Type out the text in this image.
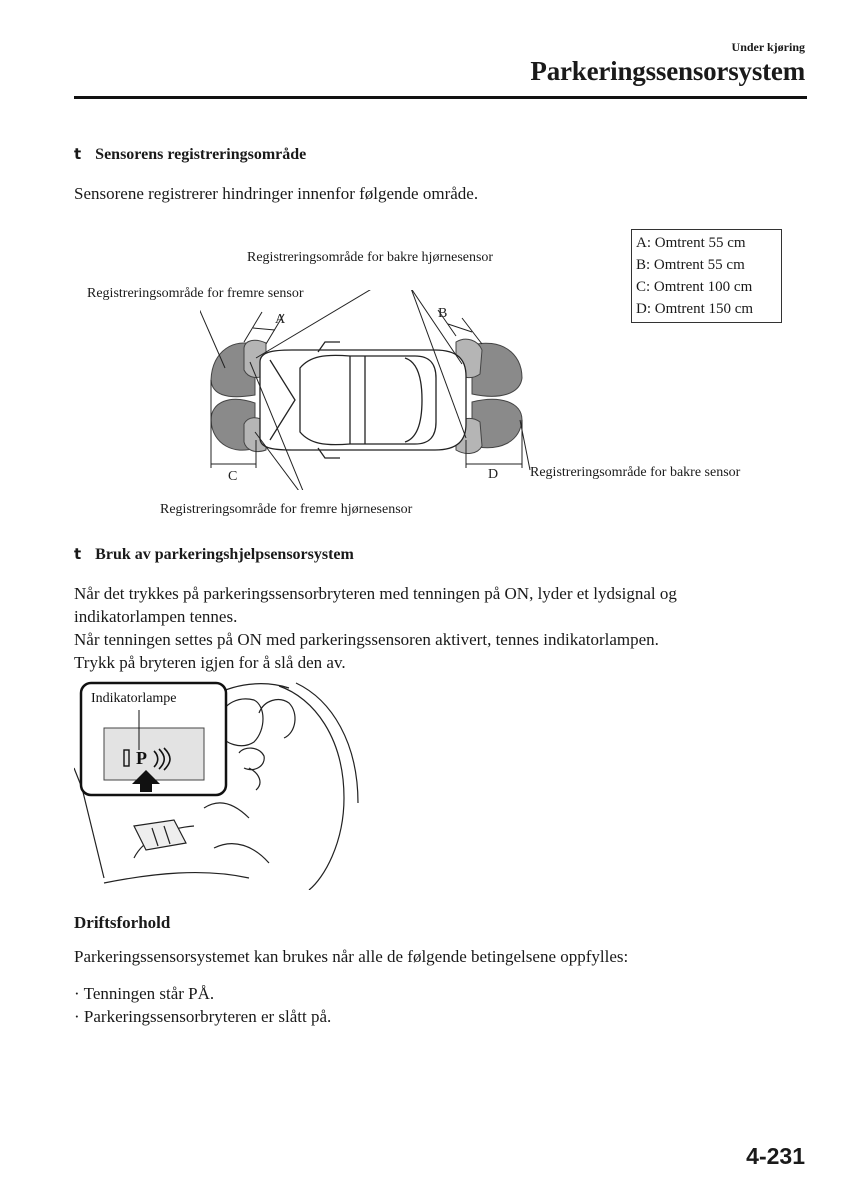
Under kjøring
Parkeringssensorsystem
t Sensorens registreringsområde
Sensorene registrerer hindringer innenfor følgende område.
A: Omtrent 55 cm
B: Omtrent 55 cm
C: Omtrent 100 cm
D: Omtrent 150 cm
Registreringsområde for bakre hjørnesensor
Registreringsområde for fremre sensor
Registreringsområde for bakre sensor
Registreringsområde for fremre hjørnesensor
A	B
C	D
t Bruk av parkeringshjelpsensorsystem
Når det trykkes på parkeringssensorbryteren med tenningen på ON, lyder et lydsignal og
indikatorlampen tennes.
Når tenningen settes på ON med parkeringssensoren aktivert, tennes indikatorlampen.
Trykk på bryteren igjen for å slå den av.
P
Indikatorlampe
Driftsforhold
Parkeringssensorsystemet kan brukes når alle de følgende betingelsene oppfylles:
· Tenningen står PÅ.
· Parkeringssensorbryteren er slått på.
4-231
